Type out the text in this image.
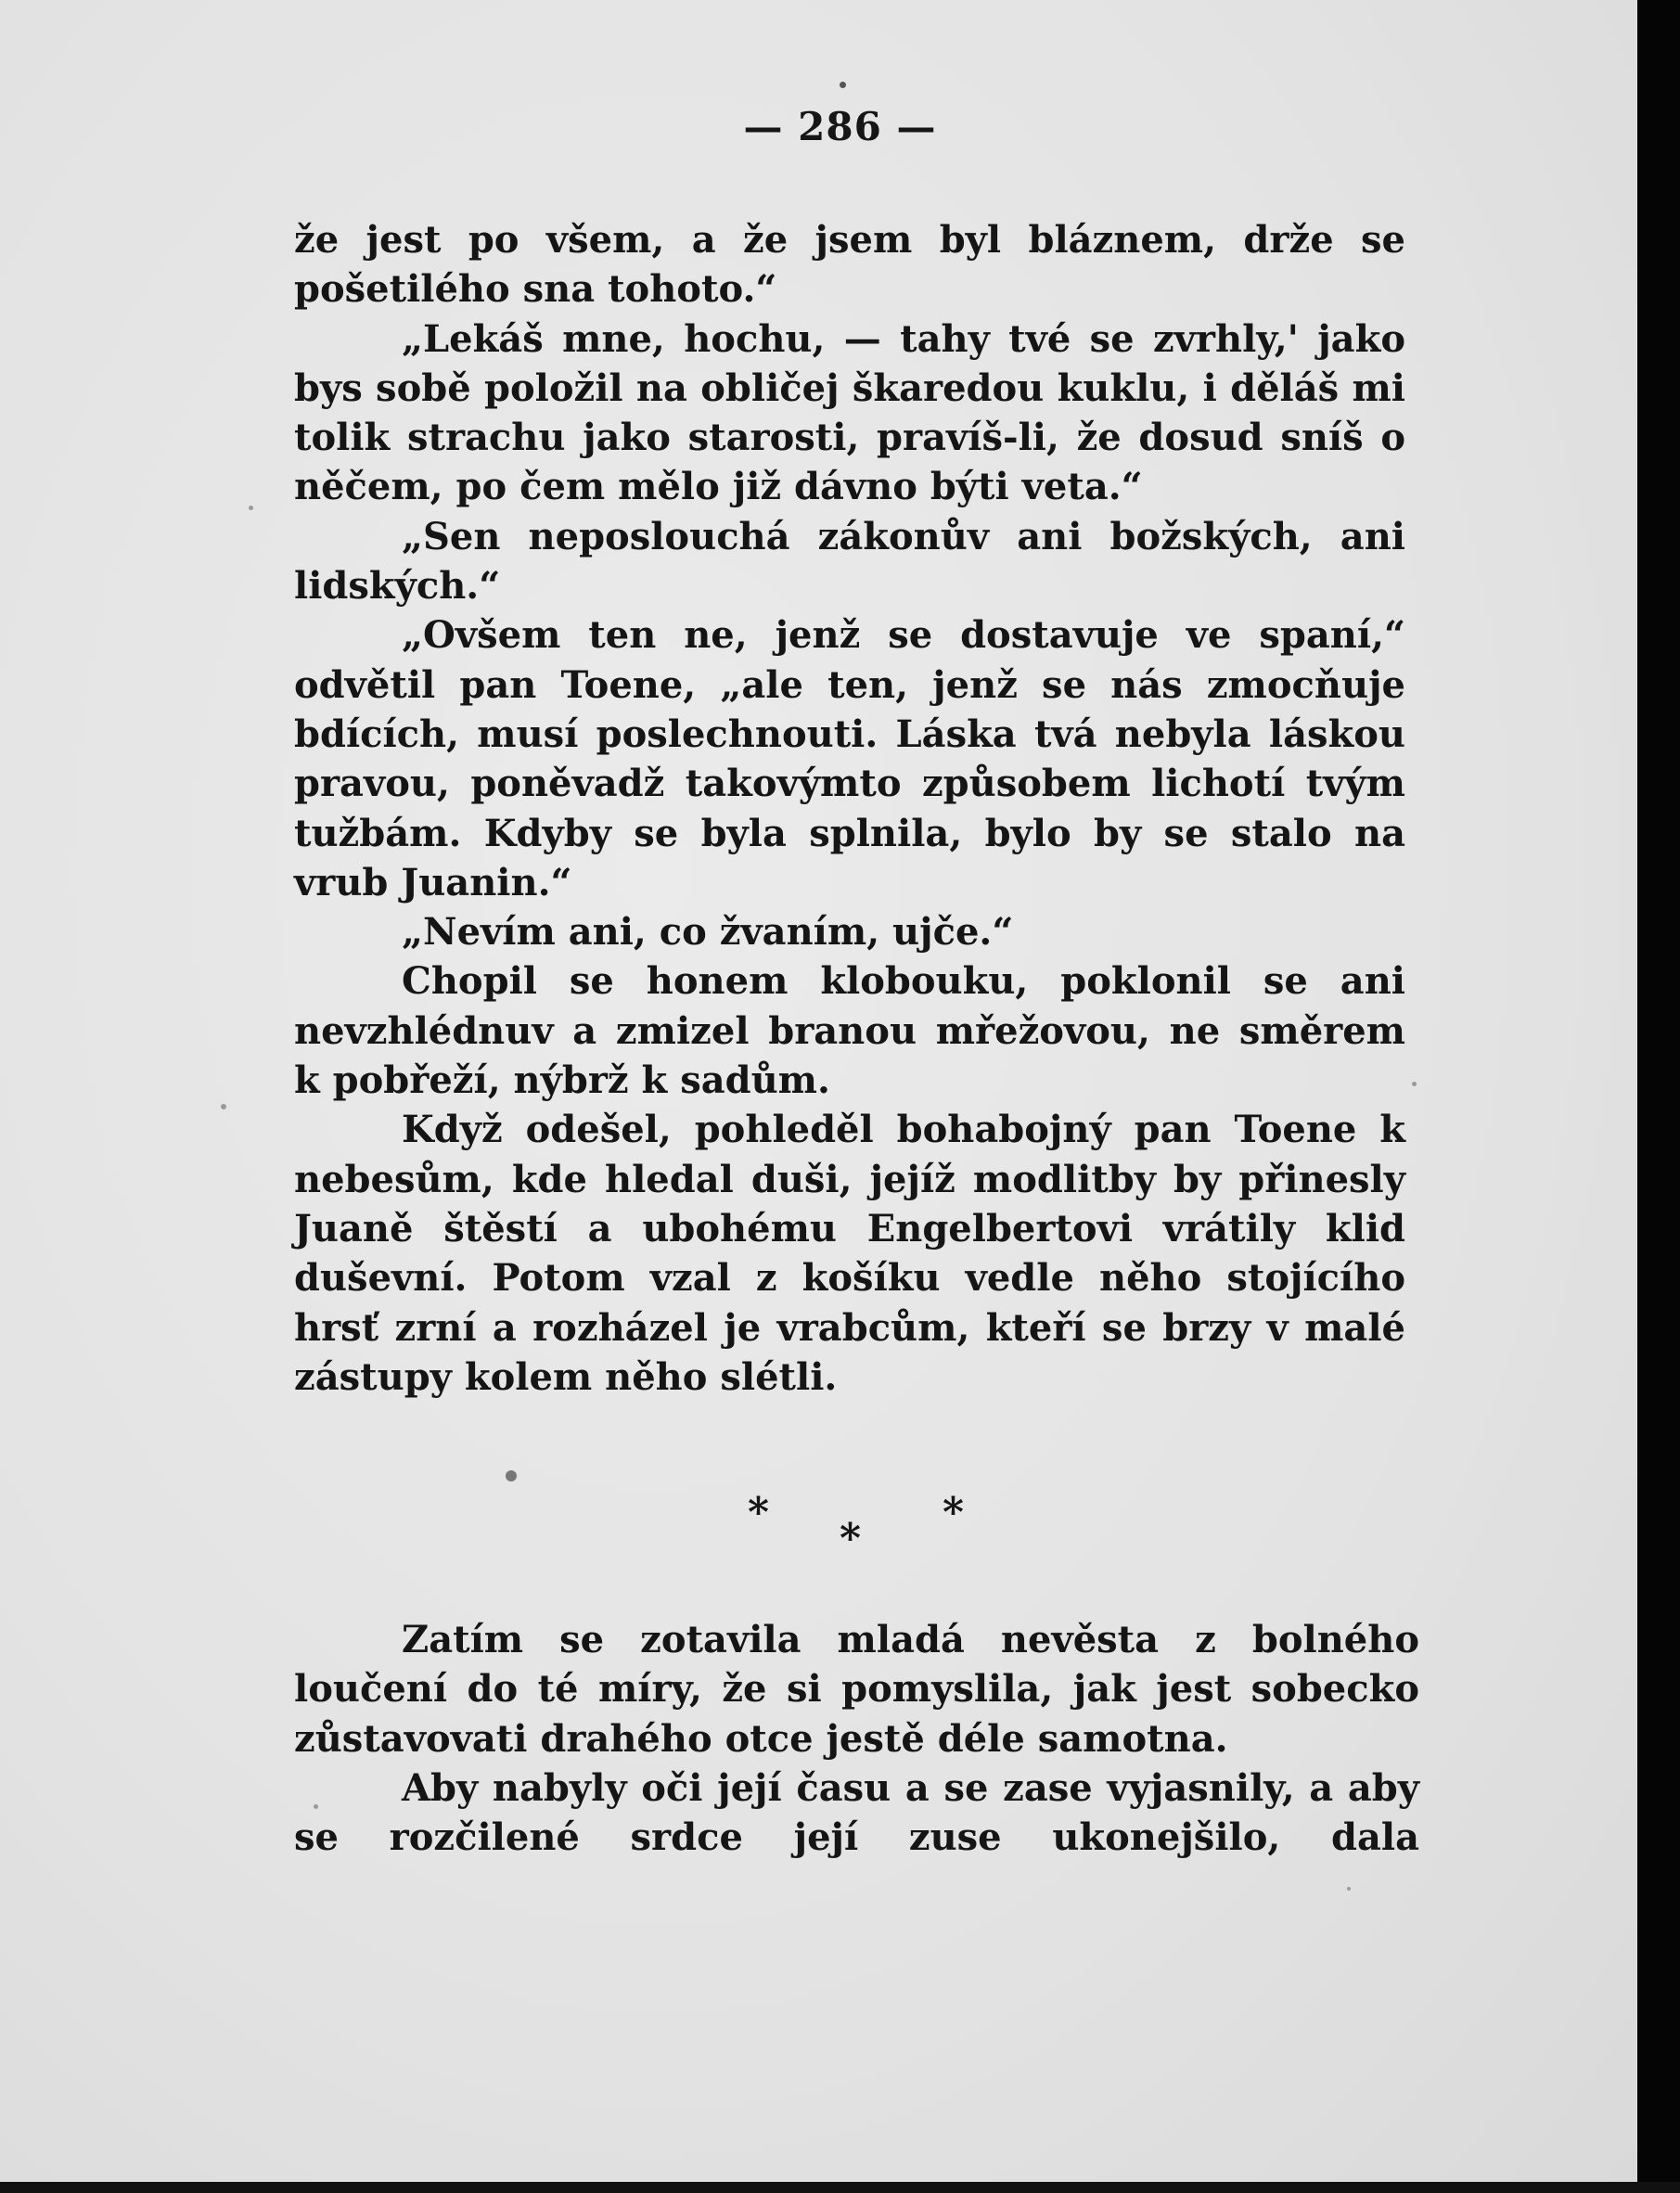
— 286 —

že jest po všem, a že jsem byl bláznem, drže se pošetilého sna tohoto.“

„Lekáš mne, hochu, — tahy tvé se zvrhly,' jako bys sobě položil na obličej škaredou kuklu, i děláš mi tolik strachu jako starosti, pravíš-li, že dosud sníš o něčem, po čem mělo již dávno býti veta.“

„Sen neposlouchá zákonův ani božských, ani lidských.“

„Ovšem ten ne, jenž se dostavuje ve spaní,“ odvětil pan Toene, „ale ten, jenž se nás zmocňuje bdících, musí poslechnouti. Láska tvá nebyla láskou pravou, poněvadž takovýmto způsobem lichotí tvým tužbám. Kdyby se byla splnila, bylo by se stalo na vrub Juanin.“

„Nevím ani, co žvaním, ujče.“

Chopil se honem klobouku, poklonil se ani nevzhlédnuv a zmizel branou mřežovou, ne směrem k pobřeží, nýbrž k sadům.

Když odešel, pohleděl bohabojný pan Toene k nebesům, kde hledal duši, jejíž modlitby by přinesly Juaně štěstí a ubohému Engelbertovi vrátily klid duševní. Potom vzal z košíku vedle něho stojícího hrsť zrní a rozházel je vrabcům, kteří se brzy v malé zástupy kolem něho slétli.

*
*
*

Zatím se zotavila mladá nevěsta z bolného loučení do té míry, že si pomyslila, jak jest sobecko zůstavovati drahého otce jestě déle samotna.

Aby nabyly oči její času a se zase vyjasnily, a aby se rozčilené srdce její zuse ukonejšilo, dala
